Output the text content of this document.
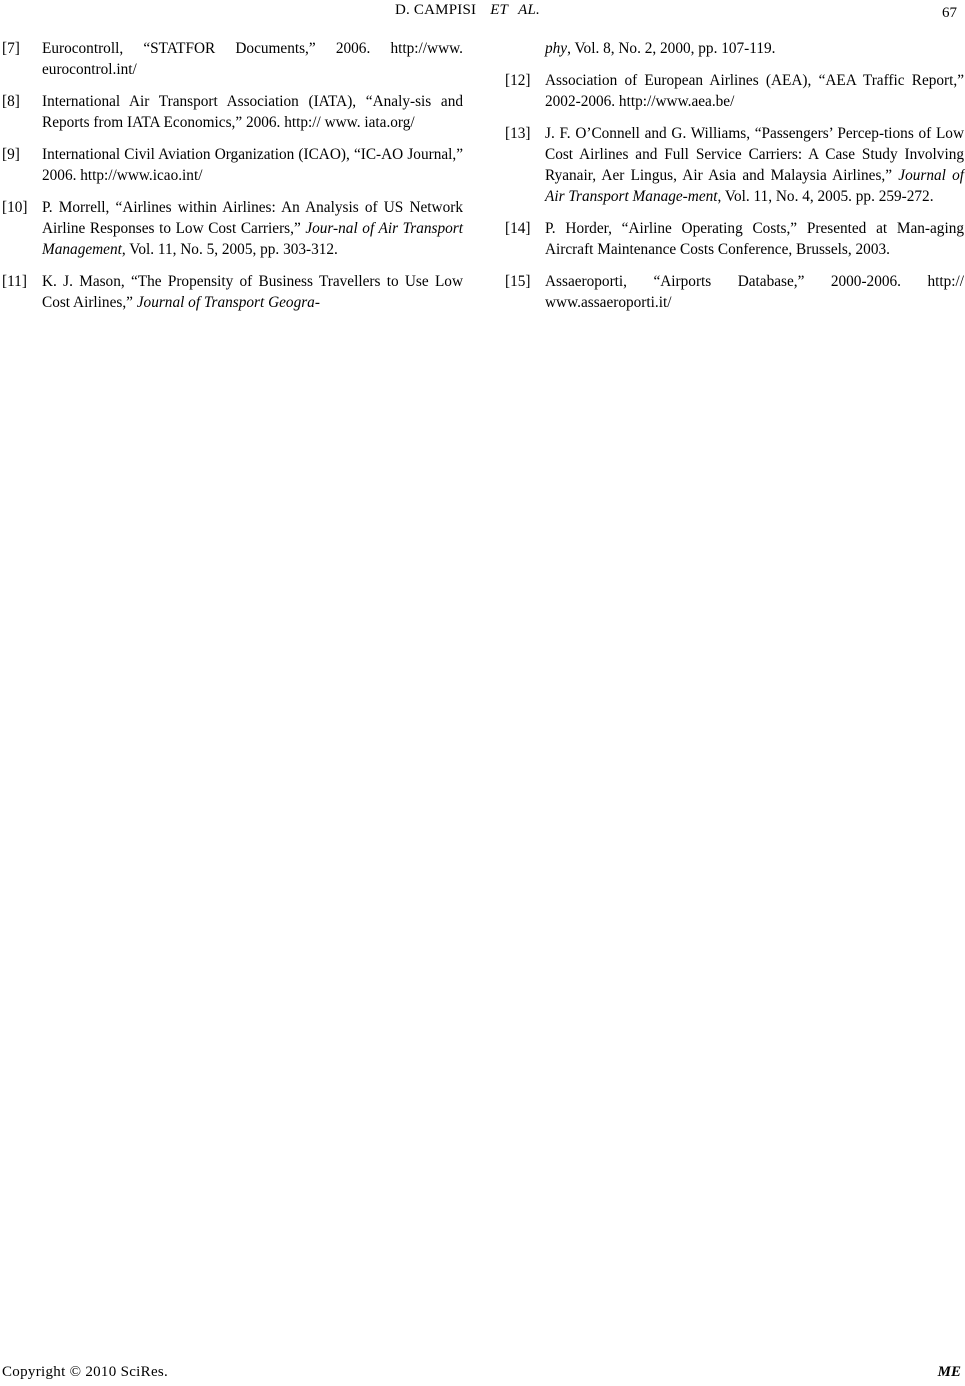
D. CAMPISI ET AL.	67
[7] Eurocontroll, “STATFOR Documents,” 2006. http://www. eurocontrol.int/
[8] International Air Transport Association (IATA), “Analy-sis and Reports from IATA Economics,” 2006. http:// www. iata.org/
[9] International Civil Aviation Organization (ICAO), “IC-AO Journal,” 2006. http://www.icao.int/
[10] P. Morrell, “Airlines within Airlines: An Analysis of US Network Airline Responses to Low Cost Carriers,” Jour-nal of Air Transport Management, Vol. 11, No. 5, 2005, pp. 303-312.
[11] K. J. Mason, “The Propensity of Business Travellers to Use Low Cost Airlines,” Journal of Transport Geogra-
phy, Vol. 8, No. 2, 2000, pp. 107-119.
[12] Association of European Airlines (AEA), “AEA Traffic Report,” 2002-2006. http://www.aea.be/
[13] J. F. O’Connell and G. Williams, “Passengers’ Percep-tions of Low Cost Airlines and Full Service Carriers: A Case Study Involving Ryanair, Aer Lingus, Air Asia and Malaysia Airlines,” Journal of Air Transport Manage-ment, Vol. 11, No. 4, 2005. pp. 259-272.
[14] P. Horder, “Airline Operating Costs,” Presented at Man-aging Aircraft Maintenance Costs Conference, Brussels, 2003.
[15] Assaeroporti, “Airports Database,” 2000-2006. http:// www.assaeroporti.it/
Copyright © 2010 SciRes.	ME
